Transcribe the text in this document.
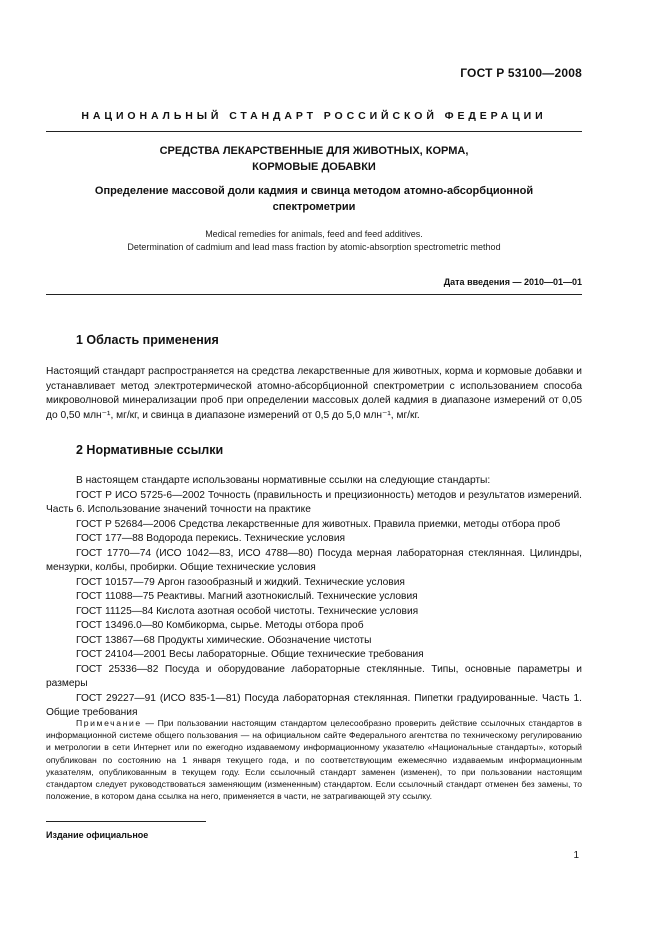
ГОСТ Р 53100—2008
НАЦИОНАЛЬНЫЙ СТАНДАРТ РОССИЙСКОЙ ФЕДЕРАЦИИ
СРЕДСТВА ЛЕКАРСТВЕННЫЕ ДЛЯ ЖИВОТНЫХ, КОРМА,
КОРМОВЫЕ ДОБАВКИ
Определение массовой доли кадмия и свинца методом атомно-абсорбционной
спектрометрии
Medical remedies for animals, feed and feed additives.
Determination of cadmium and lead mass fraction by atomic-absorption spectrometric method
Дата введения — 2010—01—01
1 Область применения
Настоящий стандарт распространяется на средства лекарственные для животных, корма и кормовые добавки и устанавливает метод электротермической атомно-абсорбционной спектрометрии с использованием способа микроволновой минерализации проб при определении массовых долей кадмия в диапазоне измерений от 0,05 до 0,50 млн⁻¹, мг/кг, и свинца в диапазоне измерений от 0,5 до 5,0 млн⁻¹, мг/кг.
2 Нормативные ссылки

В настоящем стандарте использованы нормативные ссылки на следующие стандарты:

ГОСТ Р ИСО 5725-6—2002 Точность (правильность и прецизионность) методов и результатов измерений. Часть 6. Использование значений точности на практике

ГОСТ Р 52684—2006 Средства лекарственные для животных. Правила приемки, методы отбора проб

ГОСТ 177—88 Водорода перекись. Технические условия

ГОСТ 1770—74 (ИСО 1042—83, ИСО 4788—80) Посуда мерная лабораторная стеклянная. Цилиндры, мензурки, колбы, пробирки. Общие технические условия

ГОСТ 10157—79 Аргон газообразный и жидкий. Технические условия

ГОСТ 11088—75 Реактивы. Магний азотнокислый. Технические условия

ГОСТ 11125—84 Кислота азотная особой чистоты. Технические условия

ГОСТ 13496.0—80 Комбикорма, сырье. Методы отбора проб

ГОСТ 13867—68 Продукты химические. Обозначение чистоты

ГОСТ 24104—2001 Весы лабораторные. Общие технические требования

ГОСТ 25336—82 Посуда и оборудование лабораторные стеклянные. Типы, основные параметры и размеры

ГОСТ 29227—91 (ИСО 835-1—81) Посуда лабораторная стеклянная. Пипетки градуированные. Часть 1. Общие требования

Примечание — При пользовании настоящим стандартом целесообразно проверить действие ссылочных стандартов в информационной системе общего пользования — на официальном сайте Федерального агентства по техническому регулированию и метрологии в сети Интернет или по ежегодно издаваемому информационному указателю «Национальные стандарты», который опубликован по состоянию на 1 января текущего года, и по соответствующим ежемесячно издаваемым информационным указателям, опубликованным в текущем году. Если ссылочный стандарт заменен (изменен), то при пользовании настоящим стандартом следует руководствоваться заменяющим (измененным) стандартом. Если ссылочный стандарт отменен без замены, то положение, в котором дана ссылка на него, применяется в части, не затрагивающей эту ссылку.
Издание официальное
1
